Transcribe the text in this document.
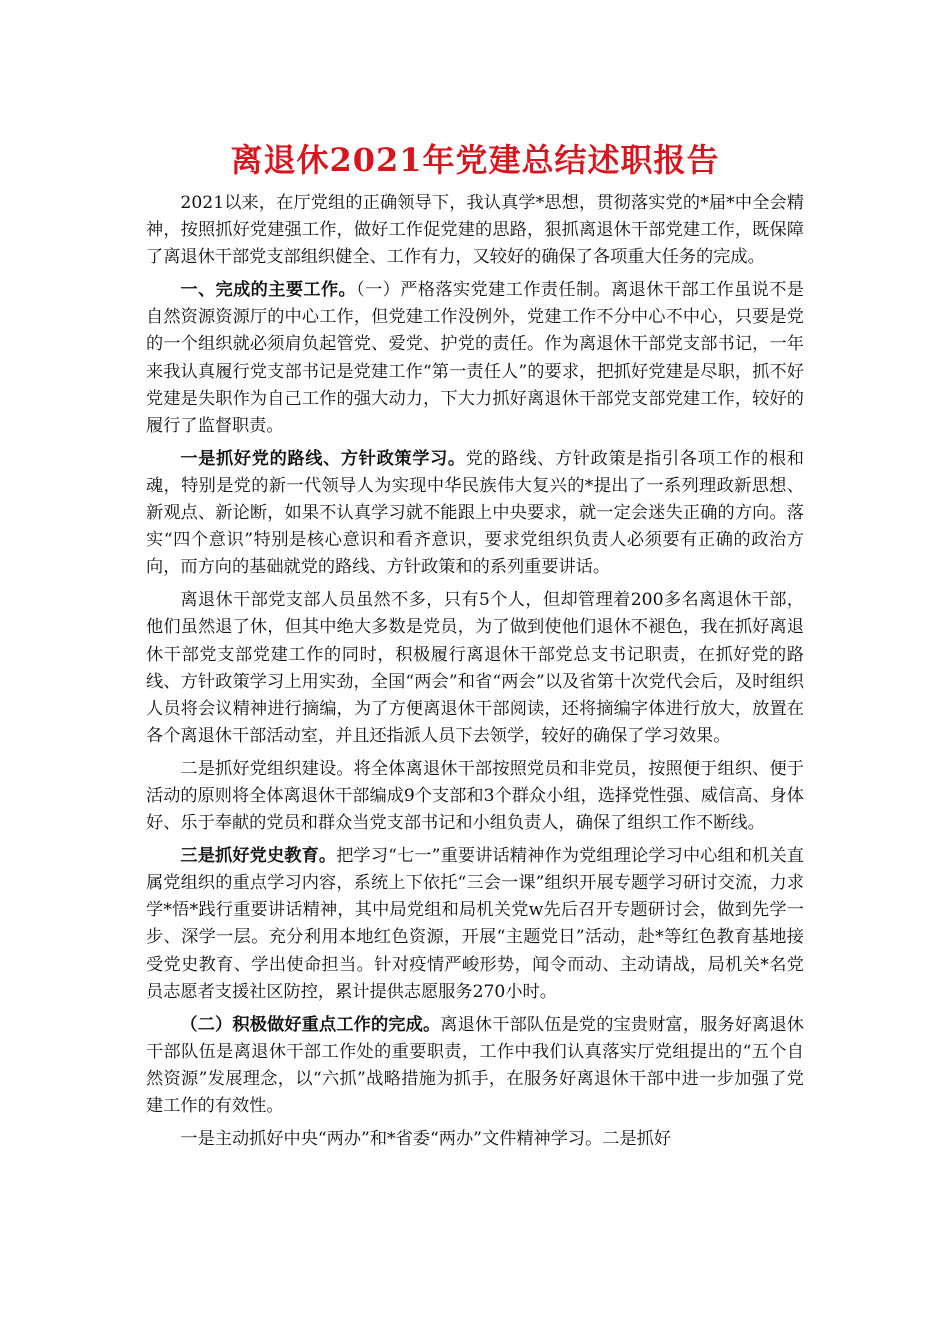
离退休2021年党建总结述职报告

2021以来，在厅党组的正确领导下，我认真学*思想，贯彻落实党的*届*中全会精神，按照抓好党建强工作，做好工作促党建的思路，狠抓离退休干部党建工作，既保障了离退休干部党支部组织健全、工作有力，又较好的确保了各项重大任务的完成。

一、完成的主要工作。（一）严格落实党建工作责任制。离退休干部工作虽说不是自然资源资源厅的中心工作，但党建工作没例外，党建工作不分中心不中心，只要是党的一个组织就必须肩负起管党、爱党、护党的责任。作为离退休干部党支部书记，一年来我认真履行党支部书记是党建工作“第一责任人”的要求，把抓好党建是尽职，抓不好党建是失职作为自己工作的强大动力，下大力抓好离退休干部党支部党建工作，较好的履行了监督职责。

一是抓好党的路线、方针政策学习。党的路线、方针政策是指引各项工作的根和魂，特别是党的新一代领导人为实现中华民族伟大复兴的*提出了一系列理政新思想、新观点、新论断，如果不认真学习就不能跟上中央要求，就一定会迷失正确的方向。落实“四个意识”特别是核心意识和看齐意识，要求党组织负责人必须要有正确的政治方向，而方向的基础就党的路线、方针政策和的系列重要讲话。

离退休干部党支部人员虽然不多，只有5个人，但却管理着200多名离退休干部，他们虽然退了休，但其中绝大多数是党员，为了做到使他们退休不褪色，我在抓好离退休干部党支部党建工作的同时，积极履行离退休干部党总支书记职责，在抓好党的路线、方针政策学习上用实劲，全国“两会”和省“两会”以及省第十次党代会后，及时组织人员将会议精神进行摘编，为了方便离退休干部阅读，还将摘编字体进行放大，放置在各个离退休干部活动室，并且还指派人员下去领学，较好的确保了学习效果。

二是抓好党组织建设。将全体离退休干部按照党员和非党员，按照便于组织、便于活动的原则将全体离退休干部编成9个支部和3个群众小组，选择党性强、威信高、身体好、乐于奉献的党员和群众当党支部书记和小组负责人，确保了组织工作不断线。

三是抓好党史教育。把学习“七一”重要讲话精神作为党组理论学习中心组和机关直属党组织的重点学习内容，系统上下依托“三会一课”组织开展专题学习研讨交流，力求学*悟*践行重要讲话精神，其中局党组和局机关党w先后召开专题研讨会，做到先学一步、深学一层。充分利用本地红色资源，开展“主题党日”活动，赴*等红色教育基地接受党史教育、学出使命担当。针对疫情严峻形势，闻令而动、主动请战，局机关*名党员志愿者支援社区防控，累计提供志愿服务270小时。

（二）积极做好重点工作的完成。离退休干部队伍是党的宝贵财富，服务好离退休干部队伍是离退休干部工作处的重要职责，工作中我们认真落实厅党组提出的“五个自然资源”发展理念，以“六抓”战略措施为抓手，在服务好离退休干部中进一步加强了党建工作的有效性。

一是主动抓好中央“两办”和*省委“两办”文件精神学习。二是抓好
